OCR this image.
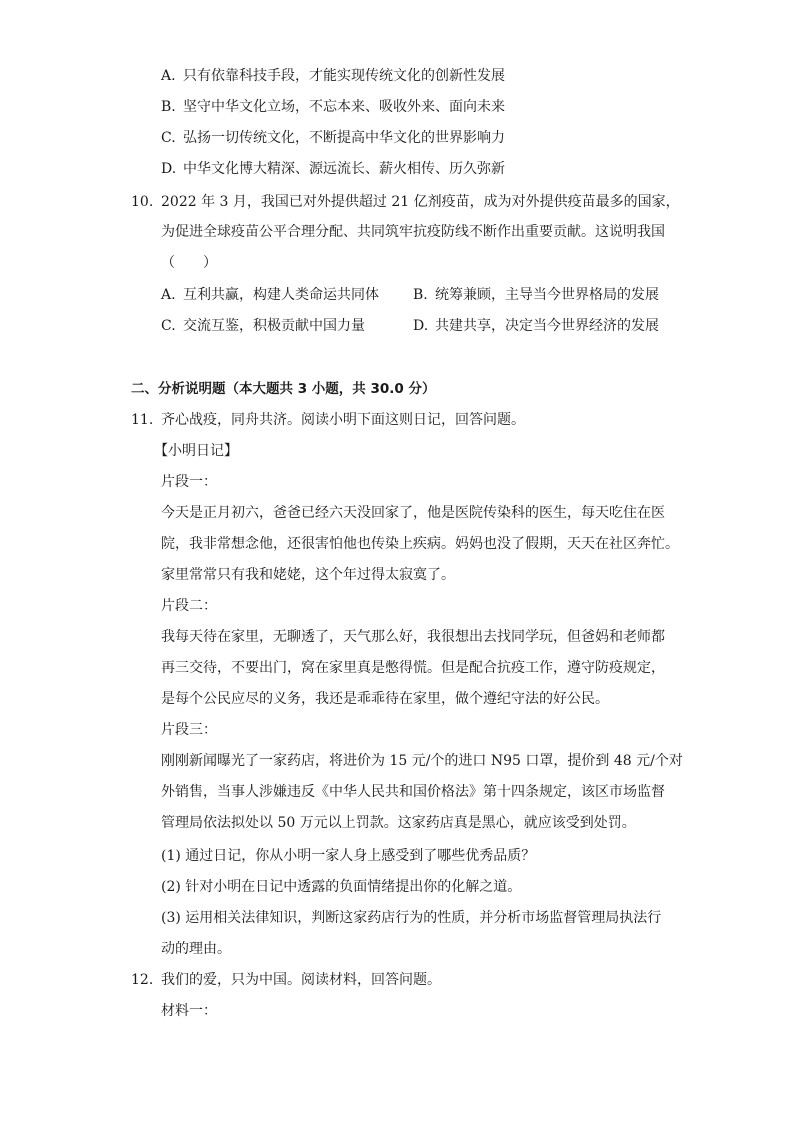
A. 只有依靠科技手段，才能实现传统文化的创新性发展
B. 坚守中华文化立场，不忘本来、吸收外来、面向未来
C. 弘扬一切传统文化，不断提高中华文化的世界影响力
D. 中华文化博大精深、源远流长、薪火相传、历久弥新
10. 2022 年 3 月，我国已对外提供超过 21 亿剂疫苗，成为对外提供疫苗最多的国家，
为促进全球疫苗公平合理分配、共同筑牢抗疫防线不断作出重要贡献。这说明我国
（　　）
A. 互利共赢，构建人类命运共同体 B. 统筹兼顾，主导当今世界格局的发展
C. 交流互鉴，积极贡献中国力量	D. 共建共享，决定当今世界经济的发展
二、分析说明题（本大题共 3 小题，共 30.0 分）
11. 齐心战疫，同舟共济。阅读小明下面这则日记，回答问题。
【小明日记】
片段一：
今天是正月初六，爸爸已经六天没回家了，他是医院传染科的医生，每天吃住在医
院，我非常想念他，还很害怕他也传染上疾病。妈妈也没了假期，天天在社区奔忙。
家里常常只有我和姥姥，这个年过得太寂寞了。
片段二：
我每天待在家里，无聊透了，天气那么好，我很想出去找同学玩，但爸妈和老师都
再三交待，不要出门，窝在家里真是憋得慌。但是配合抗疫工作，遵守防疫规定，
是每个公民应尽的义务，我还是乖乖待在家里，做个遵纪守法的好公民。
片段三：
刚刚新闻曝光了一家药店，将进价为 15 元/个的进口 N95 口罩，提价到 48 元/个对
外销售，当事人涉嫌违反《中华人民共和国价格法》第十四条规定，该区市场监督
管理局依法拟处以 50 万元以上罚款。这家药店真是黑心，就应该受到处罚。
(1) 通过日记，你从小明一家人身上感受到了哪些优秀品质？
(2) 针对小明在日记中透露的负面情绪提出你的化解之道。
(3) 运用相关法律知识，判断这家药店行为的性质，并分析市场监督管理局执法行
动的理由。
12. 我们的爱，只为中国。阅读材料，回答问题。
材料一：
